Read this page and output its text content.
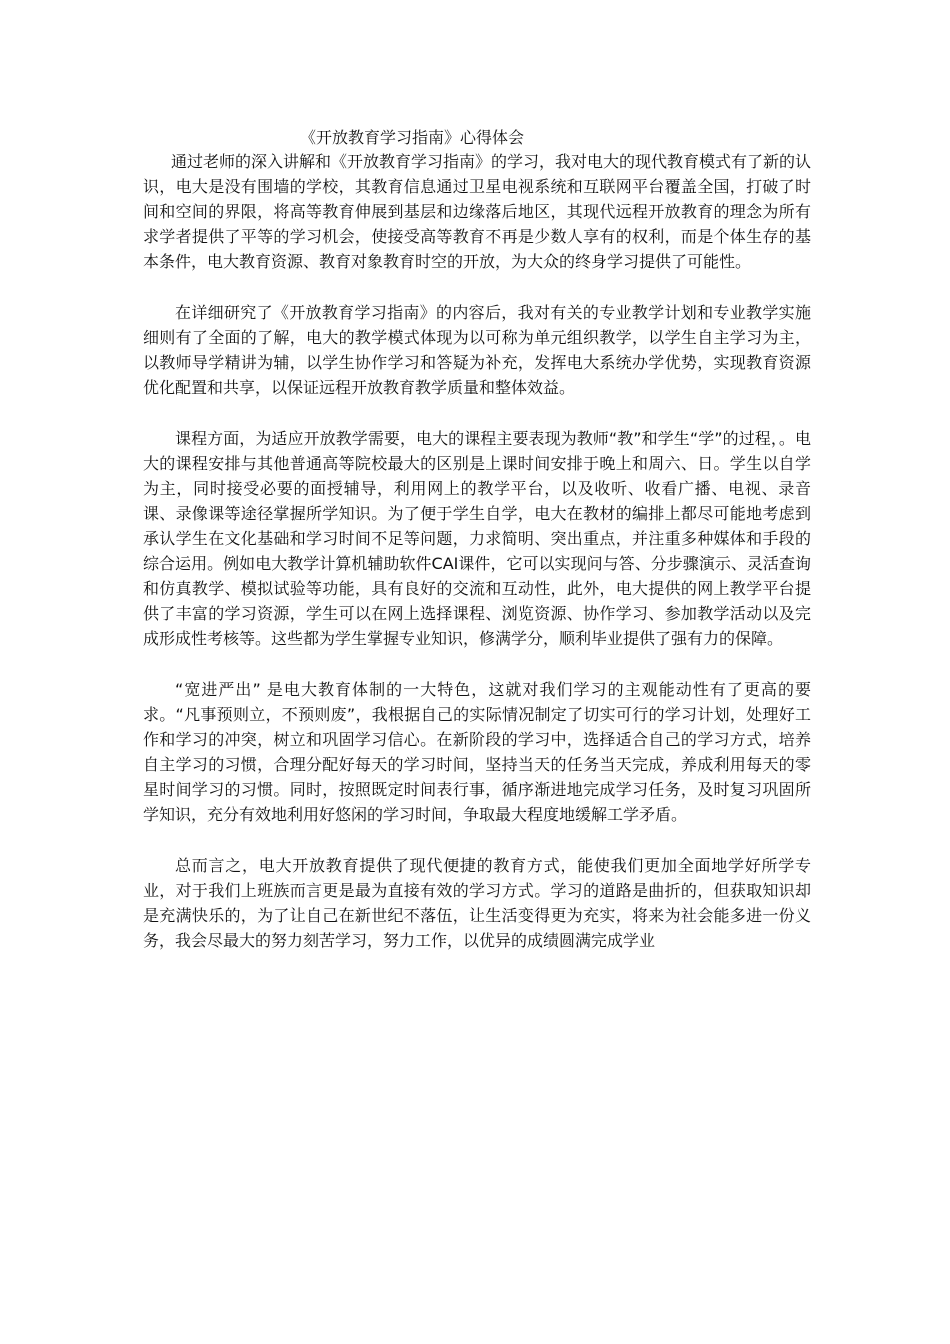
《开放教育学习指南》心得体会

通过老师的深入讲解和《开放教育学习指南》的学习，我对电大的现代教育模式有了新的认识，电大是没有围墙的学校，其教育信息通过卫星电视系统和互联网平台覆盖全国，打破了时间和空间的界限，将高等教育伸展到基层和边缘落后地区，其现代远程开放教育的理念为所有求学者提供了平等的学习机会，使接受高等教育不再是少数人享有的权利，而是个体生存的基本条件，电大教育资源、教育对象教育时空的开放，为大众的终身学习提供了可能性。

在详细研究了《开放教育学习指南》的内容后，我对有关的专业教学计划和专业教学实施细则有了全面的了解，电大的教学模式体现为以可称为单元组织教学，以学生自主学习为主，以教师导学精讲为辅，以学生协作学习和答疑为补充，发挥电大系统办学优势，实现教育资源优化配置和共享，以保证远程开放教育教学质量和整体效益。

课程方面，为适应开放教学需要，电大的课程主要表现为教师“教”和学生“学”的过程，。电大的课程安排与其他普通高等院校最大的区别是上课时间安排于晚上和周六、日。学生以自学为主，同时接受必要的面授辅导，利用网上的教学平台，以及收听、收看广播、电视、录音课、录像课等途径掌握所学知识。为了便于学生自学，电大在教材的编排上都尽可能地考虑到承认学生在文化基础和学习时间不足等问题，力求简明、突出重点，并注重多种媒体和手段的综合运用。例如电大教学计算机辅助软件CAI课件，它可以实现问与答、分步骤演示、灵活查询和仿真教学、模拟试验等功能，具有良好的交流和互动性，此外，电大提供的网上教学平台提供了丰富的学习资源，学生可以在网上选择课程、浏览资源、协作学习、参加教学活动以及完成形成性考核等。这些都为学生掌握专业知识，修满学分，顺利毕业提供了强有力的保障。

“宽进严出” 是电大教育体制的一大特色，这就对我们学习的主观能动性有了更高的要求。“凡事预则立，不预则废”，我根据自己的实际情况制定了切实可行的学习计划，处理好工作和学习的冲突，树立和巩固学习信心。在新阶段的学习中，选择适合自己的学习方式，培养自主学习的习惯，合理分配好每天的学习时间，坚持当天的任务当天完成，养成利用每天的零星时间学习的习惯。同时，按照既定时间表行事，循序渐进地完成学习任务，及时复习巩固所学知识，充分有效地利用好悠闲的学习时间，争取最大程度地缓解工学矛盾。

总而言之，电大开放教育提供了现代便捷的教育方式，能使我们更加全面地学好所学专业，对于我们上班族而言更是最为直接有效的学习方式。学习的道路是曲折的，但获取知识却是充满快乐的，为了让自己在新世纪不落伍，让生活变得更为充实，将来为社会能多进一份义务，我会尽最大的努力刻苦学习，努力工作，以优异的成绩圆满完成学业
